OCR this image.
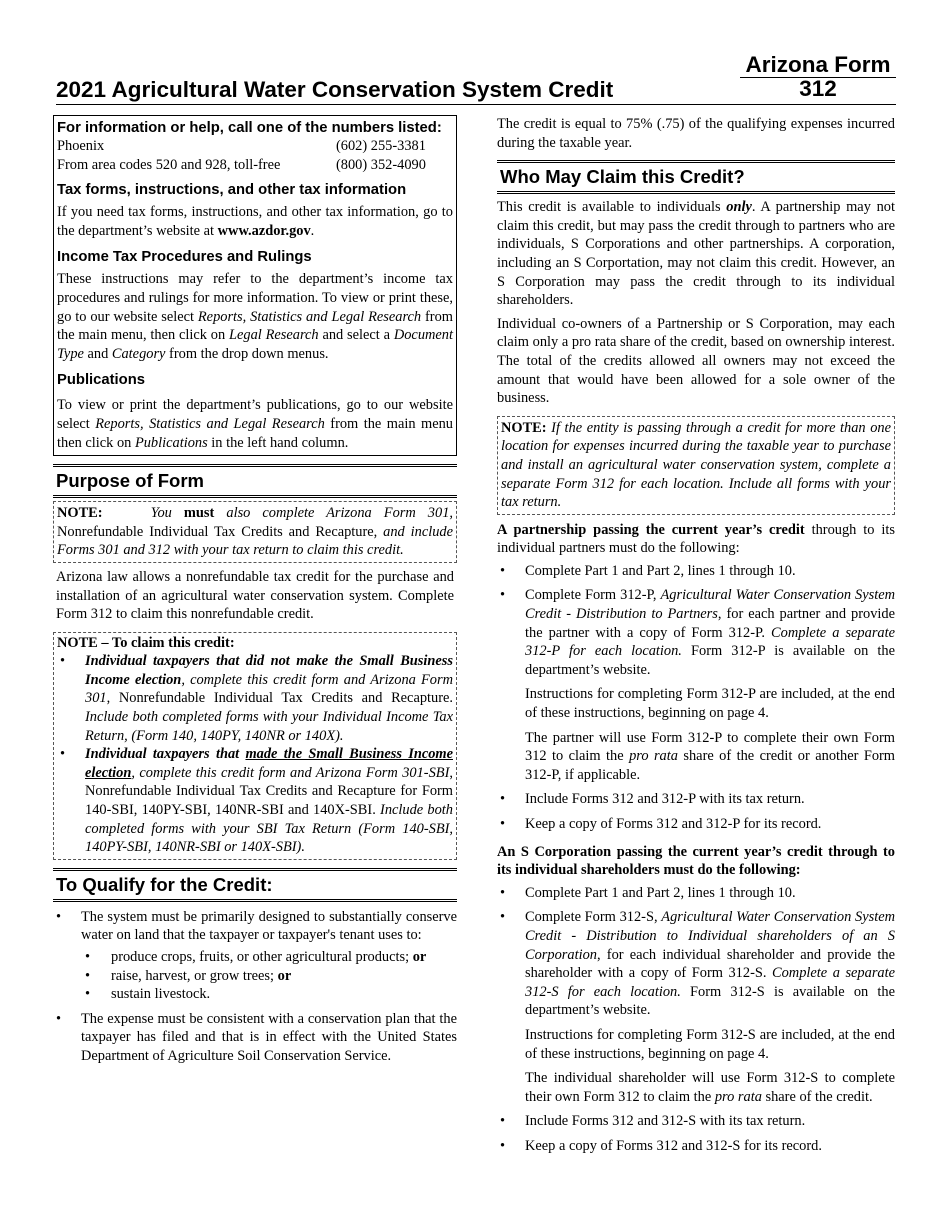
2021 Agricultural Water Conservation System Credit
Arizona Form
312
For information or help, call one of the numbers listed:
Phoenix	(602) 255-3381
From area codes 520 and 928, toll-free	(800) 352-4090
Tax forms, instructions, and other tax information

If you need tax forms, instructions, and other tax information, go to the department’s website at www.azdor.gov.

Income Tax Procedures and Rulings

These instructions may refer to the department’s income tax procedures and rulings for more information. To view or print these, go to our website select Reports, Statistics and Legal Research from the main menu, then click on Legal Research and select a Document Type and Category from the drop down menus.

Publications

To view or print the department’s publications, go to our website select Reports, Statistics and Legal Research from the main menu then click on Publications in the left hand column.

Purpose of Form
NOTE:	You must also complete Arizona Form 301, Nonrefundable Individual Tax Credits and Recapture, and include Forms 301 and 312 with your tax return to claim this credit.

Arizona law allows a nonrefundable tax credit for the purchase and installation of an agricultural water conservation system. Complete Form 312 to claim this nonrefundable credit.

NOTE – To claim this credit:
• Individual taxpayers that did not make the Small Business Income election, complete this credit form and Arizona Form 301, Nonrefundable Individual Tax Credits and Recapture. Include both completed forms with your Individual Income Tax Return, (Form 140, 140PY, 140NR or 140X).
• Individual taxpayers that made the Small Business Income election, complete this credit form and Arizona Form 301-SBI, Nonrefundable Individual Tax Credits and Recapture for Form 140-SBI, 140PY-SBI, 140NR-SBI and 140X-SBI. Include both completed forms with your SBI Tax Return (Form 140-SBI, 140PY-SBI, 140NR-SBI or 140X-SBI).
To Qualify for the Credit:
• The system must be primarily designed to substantially conserve water on land that the taxpayer or taxpayer's tenant uses to:
• produce crops, fruits, or other agricultural products; or
• raise, harvest, or grow trees; or
• sustain livestock.
• The expense must be consistent with a conservation plan that the taxpayer has filed and that is in effect with the United States Department of Agriculture Soil Conservation Service.

The credit is equal to 75% (.75) of the qualifying expenses incurred during the taxable year.

Who May Claim this Credit?

This credit is available to individuals only. A partnership may not claim this credit, but may pass the credit through to partners who are individuals, S Corporations and other partnerships. A corporation, including an S Corportation, may not claim this credit. However, an S Corporation may pass the credit through to its individual shareholders.

Individual co-owners of a Partnership or S Corporation, may each claim only a pro rata share of the credit, based on ownership interest. The total of the credits allowed all owners may not exceed the amount that would have been allowed for a sole owner of the business.

NOTE: If the entity is passing through a credit for more than one location for expenses incurred during the taxable year to purchase and install an agricultural water conservation system, complete a separate Form 312 for each location. Include all forms with your tax return.

A partnership passing the current year’s credit through to its individual partners must do the following:

• Complete Part 1 and Part 2, lines 1 through 10.
• Complete Form 312-P, Agricultural Water Conservation System Credit - Distribution to Partners, for each partner and provide the partner with a copy of Form 312-P. Complete a separate 312-P for each location. Form 312-P is available on the department’s website.

Instructions for completing Form 312-P are included, at the end of these instructions, beginning on page 4.

The partner will use Form 312-P to complete their own Form 312 to claim the pro rata share of the credit or another Form 312-P, if applicable.

• Include Forms 312 and 312-P with its tax return.
• Keep a copy of Forms 312 and 312-P for its record.

An S Corporation passing the current year’s credit through to its individual shareholders must do the following:

• Complete Part 1 and Part 2, lines 1 through 10.
• Complete Form 312-S, Agricultural Water Conservation System Credit - Distribution to Individual shareholders of an S Corporation, for each individual shareholder and provide the shareholder with a copy of Form 312-S. Complete a separate 312-S for each location. Form 312-S is available on the department’s website.

Instructions for completing Form 312-S are included, at the end of these instructions, beginning on page 4.

The individual shareholder will use Form 312-S to complete their own Form 312 to claim the pro rata share of the credit.

• Include Forms 312 and 312-S with its tax return.
• Keep a copy of Forms 312 and 312-S for its record.
